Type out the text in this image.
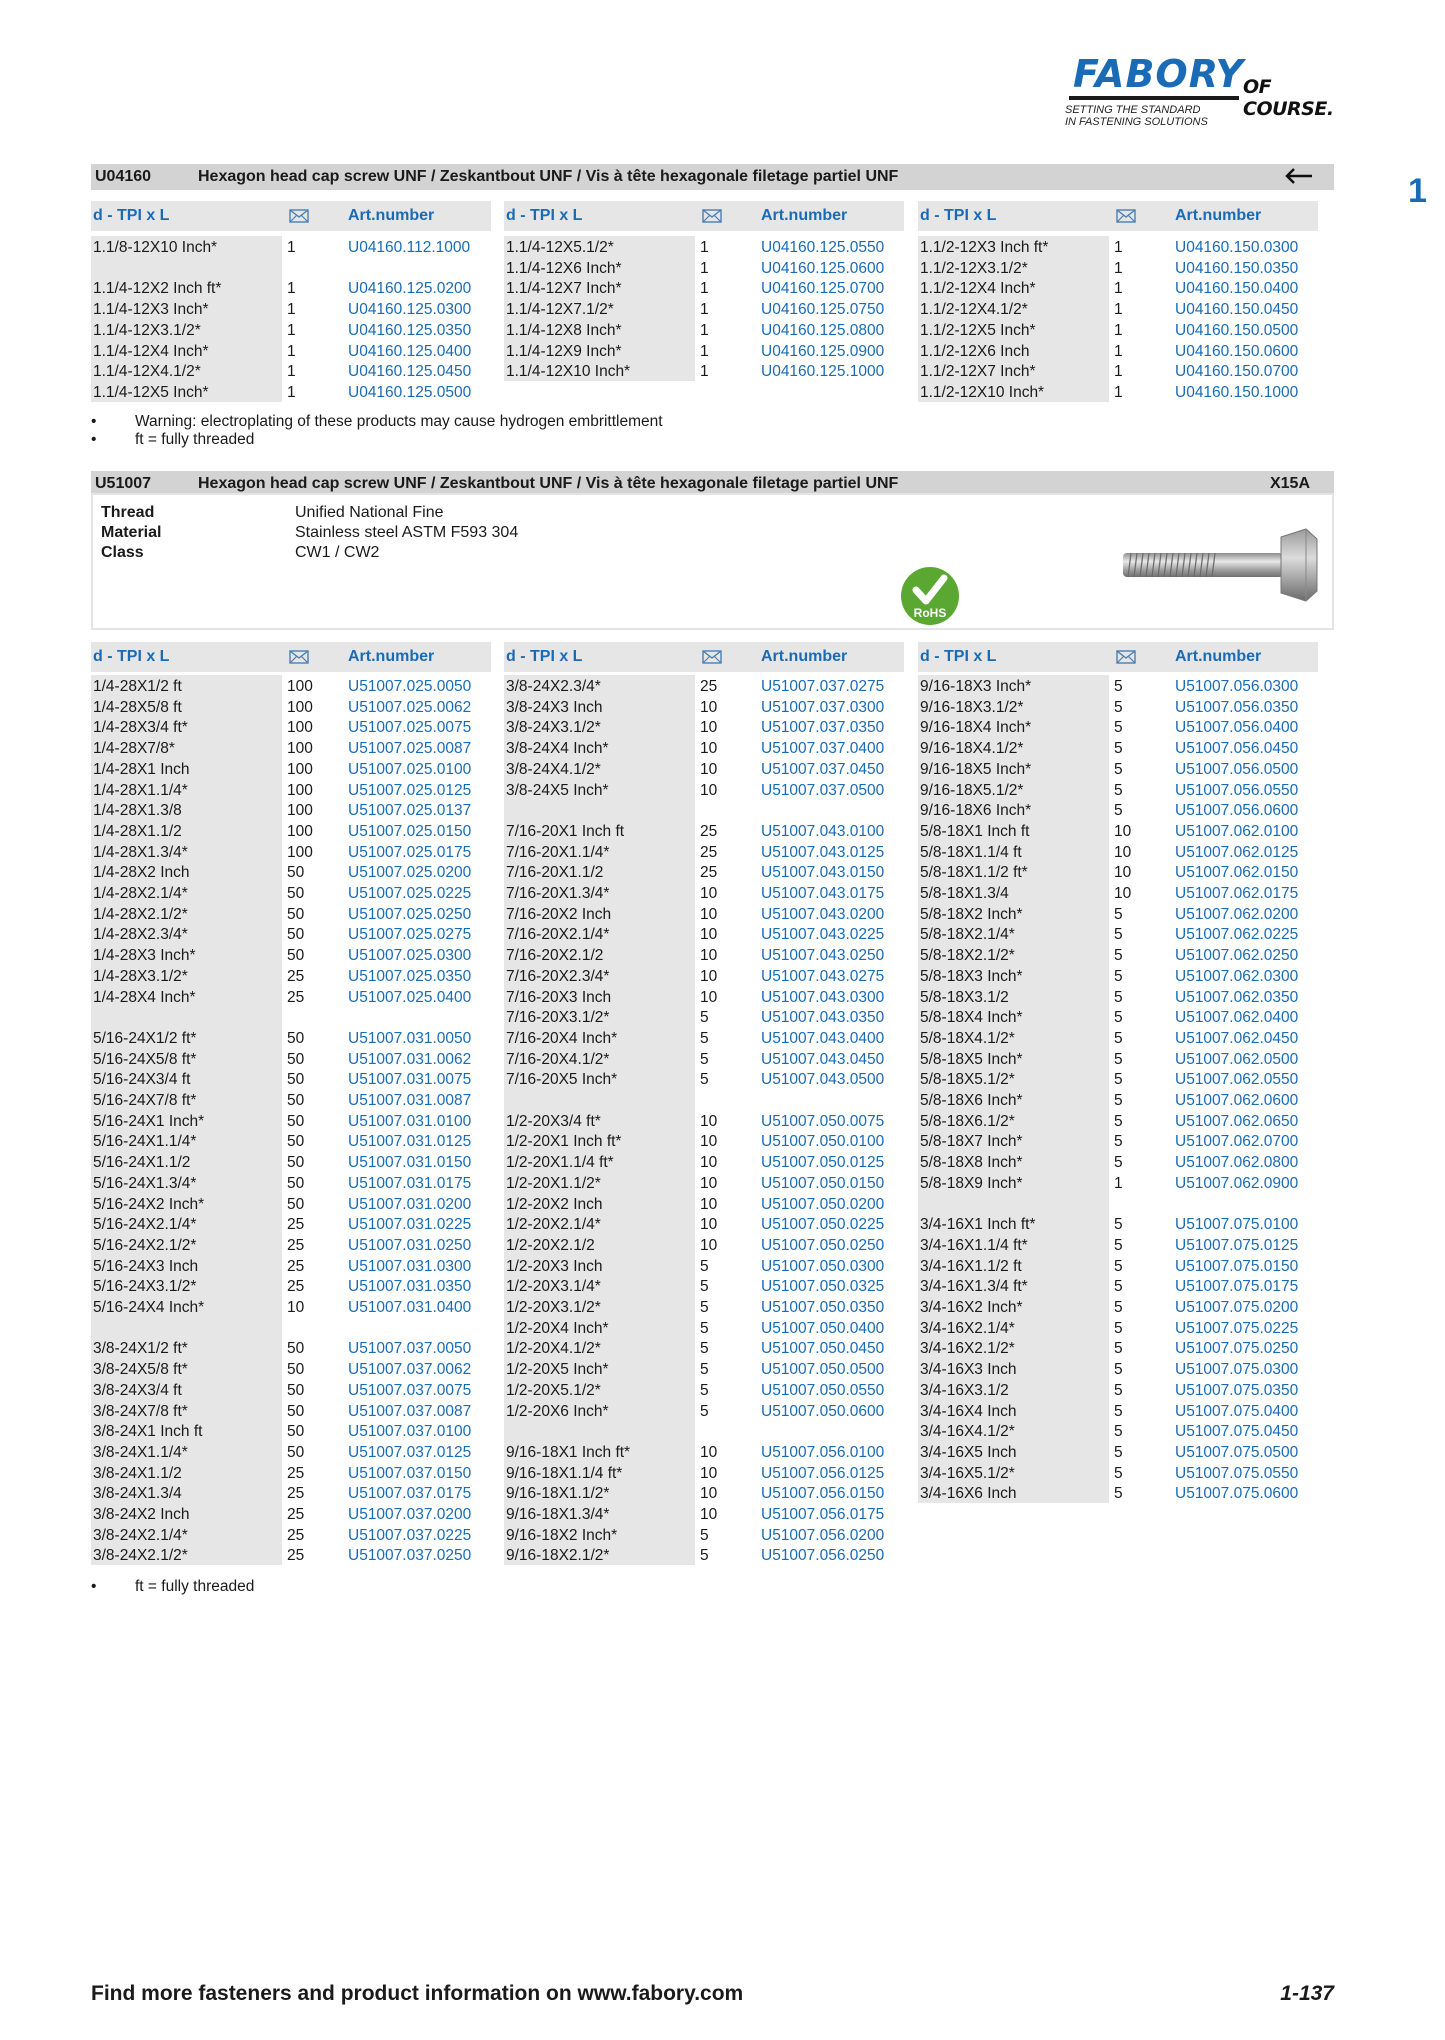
FABORY
OF COURSE.
SETTING THE STANDARD
IN FASTENING SOLUTIONS
1
U04160	Hexagon head cap screw UNF / Zeskantbout UNF / Vis à tête hexagonale filetage partiel UNF
d - TPI x L	Art.number
1.1/8-12X10 Inch*	1	U04160.112.1000
1.1/4-12X2 Inch ft*	1	U04160.125.0200
1.1/4-12X3 Inch*	1	U04160.125.0300
1.1/4-12X3.1/2*	1	U04160.125.0350
1.1/4-12X4 Inch*	1	U04160.125.0400
1.1/4-12X4.1/2*	1	U04160.125.0450
1.1/4-12X5 Inch*	1	U04160.125.0500
d - TPI x L	Art.number
1.1/4-12X5.1/2*	1	U04160.125.0550
1.1/4-12X6 Inch*	1	U04160.125.0600
1.1/4-12X7 Inch*	1	U04160.125.0700
1.1/4-12X7.1/2*	1	U04160.125.0750
1.1/4-12X8 Inch*	1	U04160.125.0800
1.1/4-12X9 Inch*	1	U04160.125.0900
1.1/4-12X10 Inch*	1	U04160.125.1000
d - TPI x L	Art.number
1.1/2-12X3 Inch ft*	1	U04160.150.0300
1.1/2-12X3.1/2*	1	U04160.150.0350
1.1/2-12X4 Inch*	1	U04160.150.0400
1.1/2-12X4.1/2*	1	U04160.150.0450
1.1/2-12X5 Inch*	1	U04160.150.0500
1.1/2-12X6 Inch	1	U04160.150.0600
1.1/2-12X7 Inch*	1	U04160.150.0700
1.1/2-12X10 Inch*	1	U04160.150.1000
• Warning: electroplating of these products may cause hydrogen embrittlement
• ft = fully threaded
U51007	Hexagon head cap screw UNF / Zeskantbout UNF / Vis à tête hexagonale filetage partiel UNF	X15A
Thread	Unified National Fine
Material	Stainless steel ASTM F593 304
Class	CW1 / CW2
RoHS
d - TPI x L	Art.number
1/4-28X1/2 ft	100 U51007.025.0050
1/4-28X5/8 ft	100 U51007.025.0062
1/4-28X3/4 ft*	100 U51007.025.0075
1/4-28X7/8*	100 U51007.025.0087
1/4-28X1 Inch	100 U51007.025.0100
1/4-28X1.1/4*	100 U51007.025.0125
1/4-28X1.3/8	100 U51007.025.0137
1/4-28X1.1/2	100 U51007.025.0150
1/4-28X1.3/4*	100 U51007.025.0175
1/4-28X2 Inch	50	U51007.025.0200
1/4-28X2.1/4*	50	U51007.025.0225
1/4-28X2.1/2*	50	U51007.025.0250
1/4-28X2.3/4*	50	U51007.025.0275
1/4-28X3 Inch*	50	U51007.025.0300
1/4-28X3.1/2*	25	U51007.025.0350
1/4-28X4 Inch*	25	U51007.025.0400
5/16-24X1/2 ft*	50	U51007.031.0050
5/16-24X5/8 ft*	50	U51007.031.0062
5/16-24X3/4 ft	50	U51007.031.0075
5/16-24X7/8 ft*	50	U51007.031.0087
5/16-24X1 Inch*	50	U51007.031.0100
5/16-24X1.1/4*	50	U51007.031.0125
5/16-24X1.1/2	50	U51007.031.0150
5/16-24X1.3/4*	50	U51007.031.0175
5/16-24X2 Inch*	50	U51007.031.0200
5/16-24X2.1/4*	25	U51007.031.0225
5/16-24X2.1/2*	25	U51007.031.0250
5/16-24X3 Inch	25	U51007.031.0300
5/16-24X3.1/2*	25	U51007.031.0350
5/16-24X4 Inch*	10	U51007.031.0400
3/8-24X1/2 ft*	50	U51007.037.0050
3/8-24X5/8 ft*	50	U51007.037.0062
3/8-24X3/4 ft	50	U51007.037.0075
3/8-24X7/8 ft*	50	U51007.037.0087
3/8-24X1 Inch ft	50	U51007.037.0100
3/8-24X1.1/4*	50	U51007.037.0125
3/8-24X1.1/2	25	U51007.037.0150
3/8-24X1.3/4	25	U51007.037.0175
3/8-24X2 Inch	25	U51007.037.0200
3/8-24X2.1/4*	25	U51007.037.0225
3/8-24X2.1/2*	25	U51007.037.0250
d - TPI x L	Art.number
3/8-24X2.3/4*	25	U51007.037.0275
3/8-24X3 Inch	10	U51007.037.0300
3/8-24X3.1/2*	10	U51007.037.0350
3/8-24X4 Inch*	10	U51007.037.0400
3/8-24X4.1/2*	10	U51007.037.0450
3/8-24X5 Inch*	10	U51007.037.0500
7/16-20X1 Inch ft	25	U51007.043.0100
7/16-20X1.1/4*	25	U51007.043.0125
7/16-20X1.1/2	25	U51007.043.0150
7/16-20X1.3/4*	10	U51007.043.0175
7/16-20X2 Inch	10	U51007.043.0200
7/16-20X2.1/4*	10	U51007.043.0225
7/16-20X2.1/2	10	U51007.043.0250
7/16-20X2.3/4*	10	U51007.043.0275
7/16-20X3 Inch	10	U51007.043.0300
7/16-20X3.1/2*	5	U51007.043.0350
7/16-20X4 Inch*	5	U51007.043.0400
7/16-20X4.1/2*	5	U51007.043.0450
7/16-20X5 Inch*	5	U51007.043.0500
1/2-20X3/4 ft*	10	U51007.050.0075
1/2-20X1 Inch ft*	10	U51007.050.0100
1/2-20X1.1/4 ft*	10	U51007.050.0125
1/2-20X1.1/2*	10	U51007.050.0150
1/2-20X2 Inch	10	U51007.050.0200
1/2-20X2.1/4*	10	U51007.050.0225
1/2-20X2.1/2	10	U51007.050.0250
1/2-20X3 Inch	5	U51007.050.0300
1/2-20X3.1/4*	5	U51007.050.0325
1/2-20X3.1/2*	5	U51007.050.0350
1/2-20X4 Inch*	5	U51007.050.0400
1/2-20X4.1/2*	5	U51007.050.0450
1/2-20X5 Inch*	5	U51007.050.0500
1/2-20X5.1/2*	5	U51007.050.0550
1/2-20X6 Inch*	5	U51007.050.0600
9/16-18X1 Inch ft*	10	U51007.056.0100
9/16-18X1.1/4 ft*	10	U51007.056.0125
9/16-18X1.1/2*	10	U51007.056.0150
9/16-18X1.3/4*	10	U51007.056.0175
9/16-18X2 Inch*	5	U51007.056.0200
9/16-18X2.1/2*	5	U51007.056.0250
d - TPI x L	Art.number
9/16-18X3 Inch*	5	U51007.056.0300
9/16-18X3.1/2*	5	U51007.056.0350
9/16-18X4 Inch*	5	U51007.056.0400
9/16-18X4.1/2*	5	U51007.056.0450
9/16-18X5 Inch*	5	U51007.056.0500
9/16-18X5.1/2*	5	U51007.056.0550
9/16-18X6 Inch*	5	U51007.056.0600
5/8-18X1 Inch ft	10	U51007.062.0100
5/8-18X1.1/4 ft	10	U51007.062.0125
5/8-18X1.1/2 ft*	10	U51007.062.0150
5/8-18X1.3/4	10	U51007.062.0175
5/8-18X2 Inch*	5	U51007.062.0200
5/8-18X2.1/4*	5	U51007.062.0225
5/8-18X2.1/2*	5	U51007.062.0250
5/8-18X3 Inch*	5	U51007.062.0300
5/8-18X3.1/2	5	U51007.062.0350
5/8-18X4 Inch*	5	U51007.062.0400
5/8-18X4.1/2*	5	U51007.062.0450
5/8-18X5 Inch*	5	U51007.062.0500
5/8-18X5.1/2*	5	U51007.062.0550
5/8-18X6 Inch*	5	U51007.062.0600
5/8-18X6.1/2*	5	U51007.062.0650
5/8-18X7 Inch*	5	U51007.062.0700
5/8-18X8 Inch*	5	U51007.062.0800
5/8-18X9 Inch*	1	U51007.062.0900
3/4-16X1 Inch ft*	5	U51007.075.0100
3/4-16X1.1/4 ft*	5	U51007.075.0125
3/4-16X1.1/2 ft	5	U51007.075.0150
3/4-16X1.3/4 ft*	5	U51007.075.0175
3/4-16X2 Inch*	5	U51007.075.0200
3/4-16X2.1/4*	5	U51007.075.0225
3/4-16X2.1/2*	5	U51007.075.0250
3/4-16X3 Inch	5	U51007.075.0300
3/4-16X3.1/2	5	U51007.075.0350
3/4-16X4 Inch	5	U51007.075.0400
3/4-16X4.1/2*	5	U51007.075.0450
3/4-16X5 Inch	5	U51007.075.0500
3/4-16X5.1/2*	5	U51007.075.0550
3/4-16X6 Inch	5	U51007.075.0600
• ft = fully threaded
Find more fasteners and product information on www.fabory.com	1-137
